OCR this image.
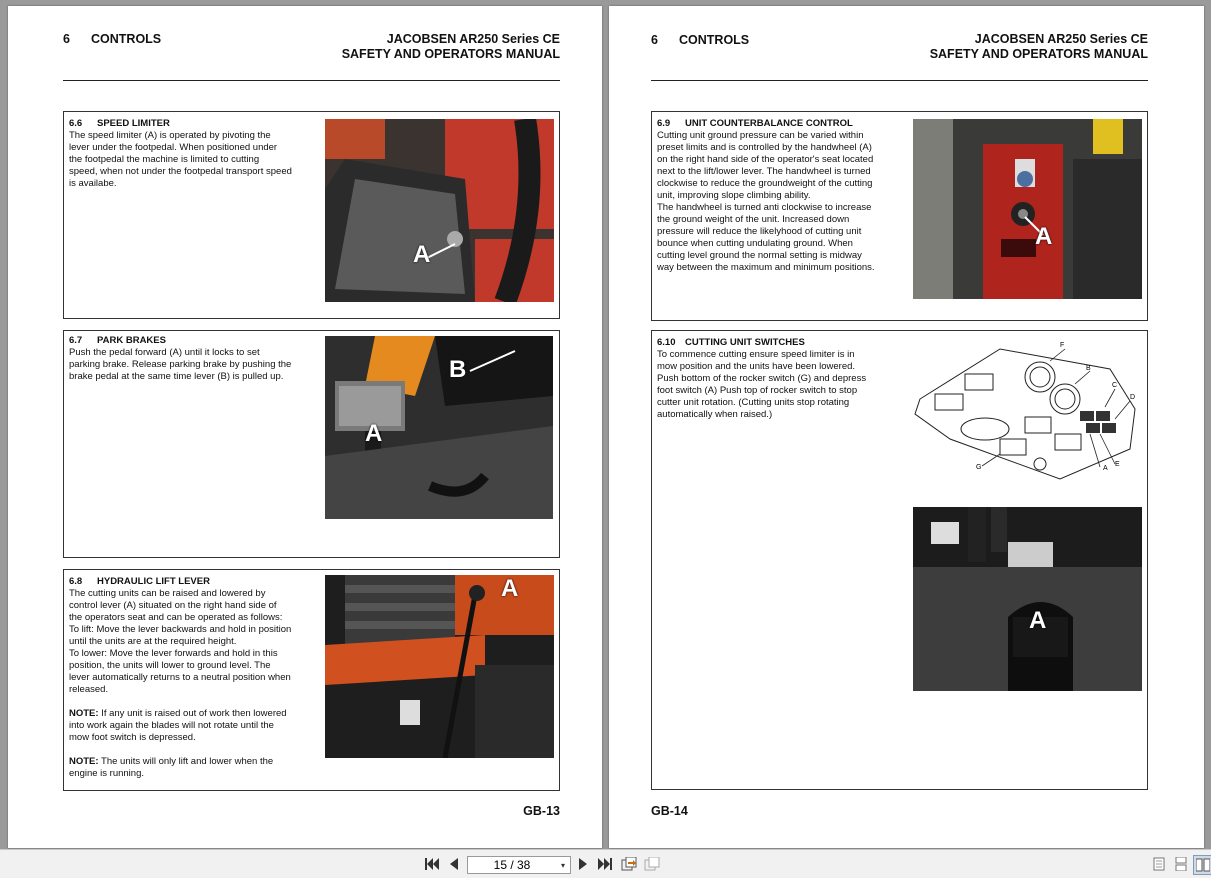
6 CONTROLS	JACOBSEN AR250 Series CE
SAFETY AND OPERATORS MANUAL
6.6 SPEED LIMITER
The speed limiter (A) is operated by pivoting the
lever under the footpedal. When positioned under
the footpedal the machine is limited to cutting
speed, when not under the footpedal transport speed
is availabe.
A
6.7 PARK BRAKES
Push the pedal forward (A) until it locks to set
parking brake. Release parking brake by pushing the
brake pedal at the same time lever (B) is pulled up.	B
A
6.8 HYDRAULIC LIFT LEVER
The cutting units can be raised and lowered by
control lever (A) situated on the right hand side of
the operators seat and can be operated as follows:
To lift: Move the lever backwards and hold in position
until the units are at the required height.
To lower: Move the lever forwards and hold in this
position, the units will lower to ground level. The
lever automatically returns to a neutral position when
released.
NOTE: If any unit is raised out of work then lowered
into work again the blades will not rotate until the
mow foot switch is depressed.
NOTE: The units will only lift and lower when the
engine is running.
A
GB-13
6 CONTROLS	JACOBSEN AR250 Series CE
SAFETY AND OPERATORS MANUAL
6.9 UNIT COUNTERBALANCE CONTROL
Cutting unit ground pressure can be varied within
preset limits and is controlled by the handwheel (A)
on the right hand side of the operator's seat located
next to the lift/lower lever. The handwheel is turned
clockwise to reduce the groundweight of the cutting
unit, improving slope climbing ability.
The handwheel is turned anti clockwise to increase
the ground weight of the unit. Increased down
pressure will reduce the likelyhood of cutting unit
bounce when cutting undulating ground. When
cutting level ground the normal setting is midway
way between the maximum and minimum positions.
A
6.10 CUTTING UNIT SWITCHES
To commence cutting ensure speed limiter is in
mow position and the units have been lowered.
Push bottom of the rocker switch (G) and depress
foot switch (A) Push top of rocker switch to stop
cutter unit rotation. (Cutting units stop rotating
automatically when raised.)
F
B
C
D
E
A
G
A
GB-14
15 / 38	▾
